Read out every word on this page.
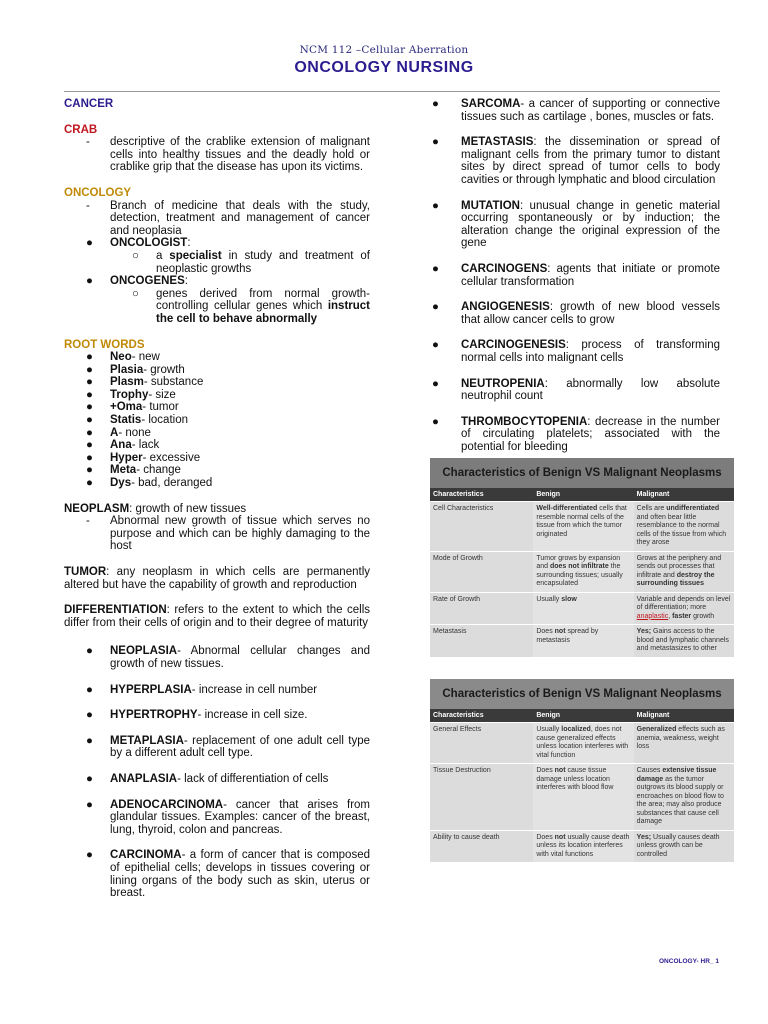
NCM 112 –Cellular Aberration
ONCOLOGY NURSING
CANCER
CRAB
-	descriptive of the crablike extension of malignant cells into healthy tissues and the deadly hold or crablike grip that the disease has upon its victims.
ONCOLOGY
-	Branch of medicine that deals with the study, detection, treatment and management of cancer and neoplasia
●	ONCOLOGIST:
○	a specialist in study and treatment of neoplastic growths
●	ONCOGENES:
○	genes derived from normal growth-controlling cellular genes which instruct the cell to behave abnormally
ROOT WORDS
●	Neo- new
●	Plasia- growth
●	Plasm- substance
●	Trophy- size
●	+Oma- tumor
●	Statis- location
●	A- none
●	Ana- lack
●	Hyper- excessive
●	Meta- change
●	Dys- bad, deranged
NEOPLASM: growth of new tissues
-	Abnormal new growth of tissue which serves no purpose and which can be highly damaging to the host
TUMOR: any neoplasm in which cells are permanently altered but have the capability of growth and reproduction
DIFFERENTIATION: refers to the extent to which the cells differ from their cells of origin and to their degree of maturity
●	NEOPLASIA- Abnormal cellular changes and growth of new tissues.
●	HYPERPLASIA- increase in cell number
●	HYPERTROPHY- increase in cell size.
●	METAPLASIA- replacement of one adult cell type by a different adult cell type.
●	ANAPLASIA- lack of differentiation of cells
●	ADENOCARCINOMA- cancer that arises from glandular tissues. Examples: cancer of the breast, lung, thyroid, colon and pancreas.
●	CARCINOMA- a form of cancer that is composed of epithelial cells; develops in tissues covering or lining organs of the body such as skin, uterus or breast.
●	SARCOMA- a cancer of supporting or connective tissues such as cartilage , bones, muscles or fats.
●	METASTASIS: the dissemination or spread of malignant cells from the primary tumor to distant sites by direct spread of tumor cells to body cavities or through lymphatic and blood circulation
●	MUTATION: unusual change in genetic material occurring spontaneously or by induction; the alteration change the original expression of the gene
●	CARCINOGENS: agents that initiate or promote cellular transformation
●	ANGIOGENESIS: growth of new blood vessels that allow cancer cells to grow
●	CARCINOGENESIS: process of transforming normal cells into malignant cells
●	NEUTROPENIA: abnormally low absolute neutrophil count
●	THROMBOCYTOPENIA: decrease in the number of circulating platelets; associated with the potential for bleeding
Characteristics of Benign VS Malignant Neoplasms
Characteristics	Benign	Malignant
Cell Characteristics	Well-differentiated cells that resemble normal cells of the tissue from which the tumor originated	Cells are undifferentiated and often bear little resemblance to the normal cells of the tissue from which they arose
Mode of Growth	Tumor grows by expansion and does not infiltrate the surrounding tissues; usually encapsulated	Grows at the periphery and sends out processes that infiltrate and destroy the surrounding tissues
Rate of Growth	Usually slow	Variable and depends on level of differentiation; more anaplastic, faster growth
Metastasis	Does not spread by metastasis	Yes; Gains access to the blood and lymphatic channels and metastasizes to other
Characteristics of Benign VS Malignant Neoplasms
Characteristics	Benign	Malignant
General Effects	Usually localized, does not cause generalized effects unless location interferes with vital function	Generalized effects such as anemia, weakness, weight loss
Tissue Destruction	Does not cause tissue damage unless location interferes with blood flow	Causes extensive tissue damage as the tumor outgrows its blood supply or encroaches on blood flow to the area; may also produce substances that cause cell damage
Ability to cause death	Does not usually cause death unless its location interferes with vital functions	Yes; Usually causes death unless growth can be controlled
ONCOLOGY- HR_ 1
